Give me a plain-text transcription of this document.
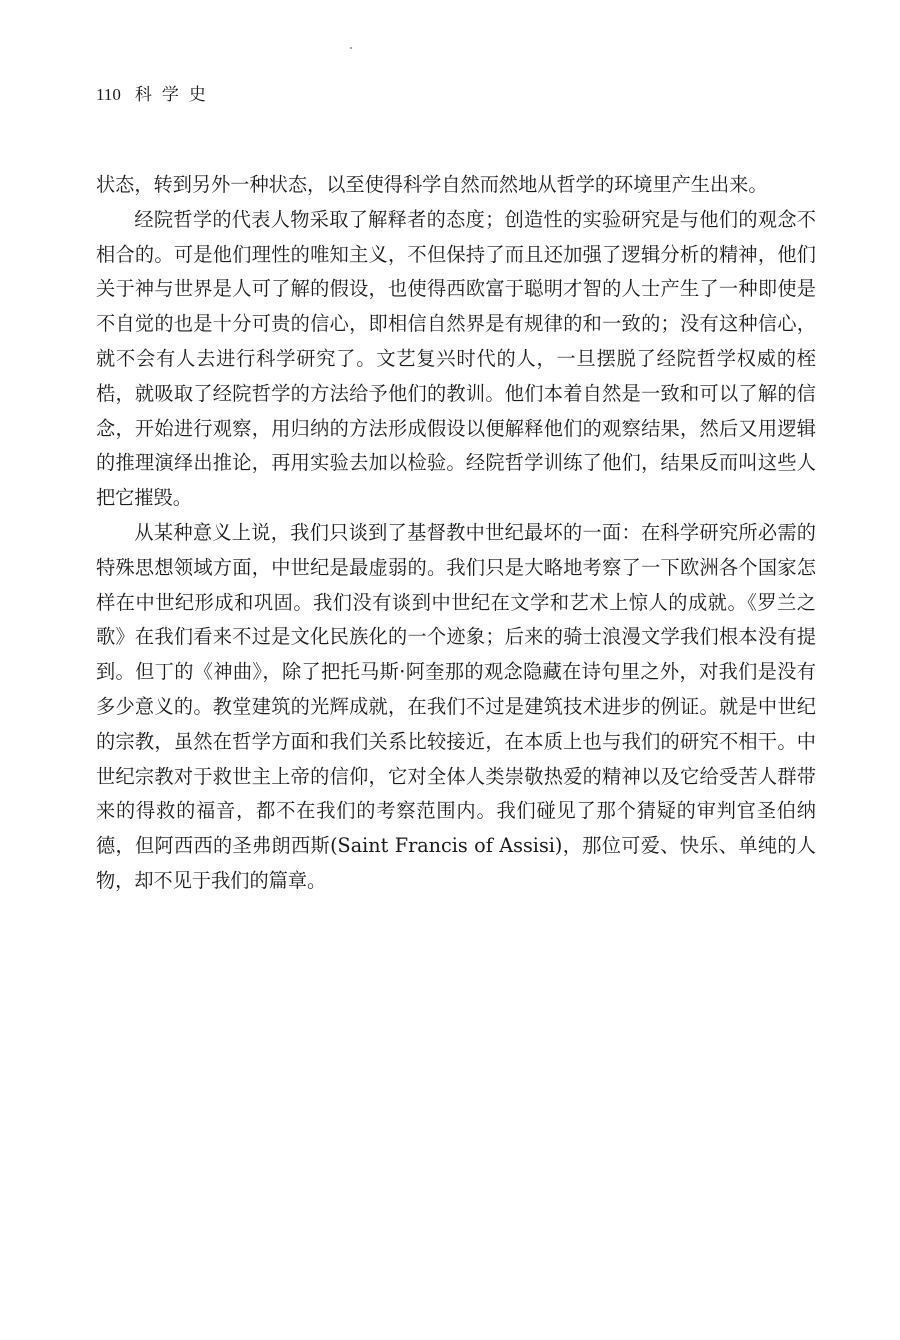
110 科学史

状态，转到另外一种状态，以至使得科学自然而然地从哲学的环境里产生出来。

经院哲学的代表人物采取了解释者的态度；创造性的实验研究是与他们的观念不相合的。可是他们理性的唯知主义，不但保持了而且还加强了逻辑分析的精神，他们关于神与世界是人可了解的假设，也使得西欧富于聪明才智的人士产生了一种即使是不自觉的也是十分可贵的信心，即相信自然界是有规律的和一致的；没有这种信心，就不会有人去进行科学研究了。文艺复兴时代的人，一旦摆脱了经院哲学权威的桎梏，就吸取了经院哲学的方法给予他们的教训。他们本着自然是一致和可以了解的信念，开始进行观察，用归纳的方法形成假设以便解释他们的观察结果，然后又用逻辑的推理演绎出推论，再用实验去加以检验。经院哲学训练了他们，结果反而叫这些人把它摧毁。

从某种意义上说，我们只谈到了基督教中世纪最坏的一面：在科学研究所必需的特殊思想领域方面，中世纪是最虚弱的。我们只是大略地考察了一下欧洲各个国家怎样在中世纪形成和巩固。我们没有谈到中世纪在文学和艺术上惊人的成就。《罗兰之歌》在我们看来不过是文化民族化的一个迹象；后来的骑士浪漫文学我们根本没有提到。但丁的《神曲》，除了把托马斯·阿奎那的观念隐藏在诗句里之外，对我们是没有多少意义的。教堂建筑的光辉成就，在我们不过是建筑技术进步的例证。就是中世纪的宗教，虽然在哲学方面和我们关系比较接近，在本质上也与我们的研究不相干。中世纪宗教对于救世主上帝的信仰，它对全体人类崇敬热爱的精神以及它给受苦人群带来的得救的福音，都不在我们的考察范围内。我们碰见了那个猜疑的审判官圣伯纳德，但阿西西的圣弗朗西斯(Saint Francis of Assisi)，那位可爱、快乐、单纯的人物，却不见于我们的篇章。
